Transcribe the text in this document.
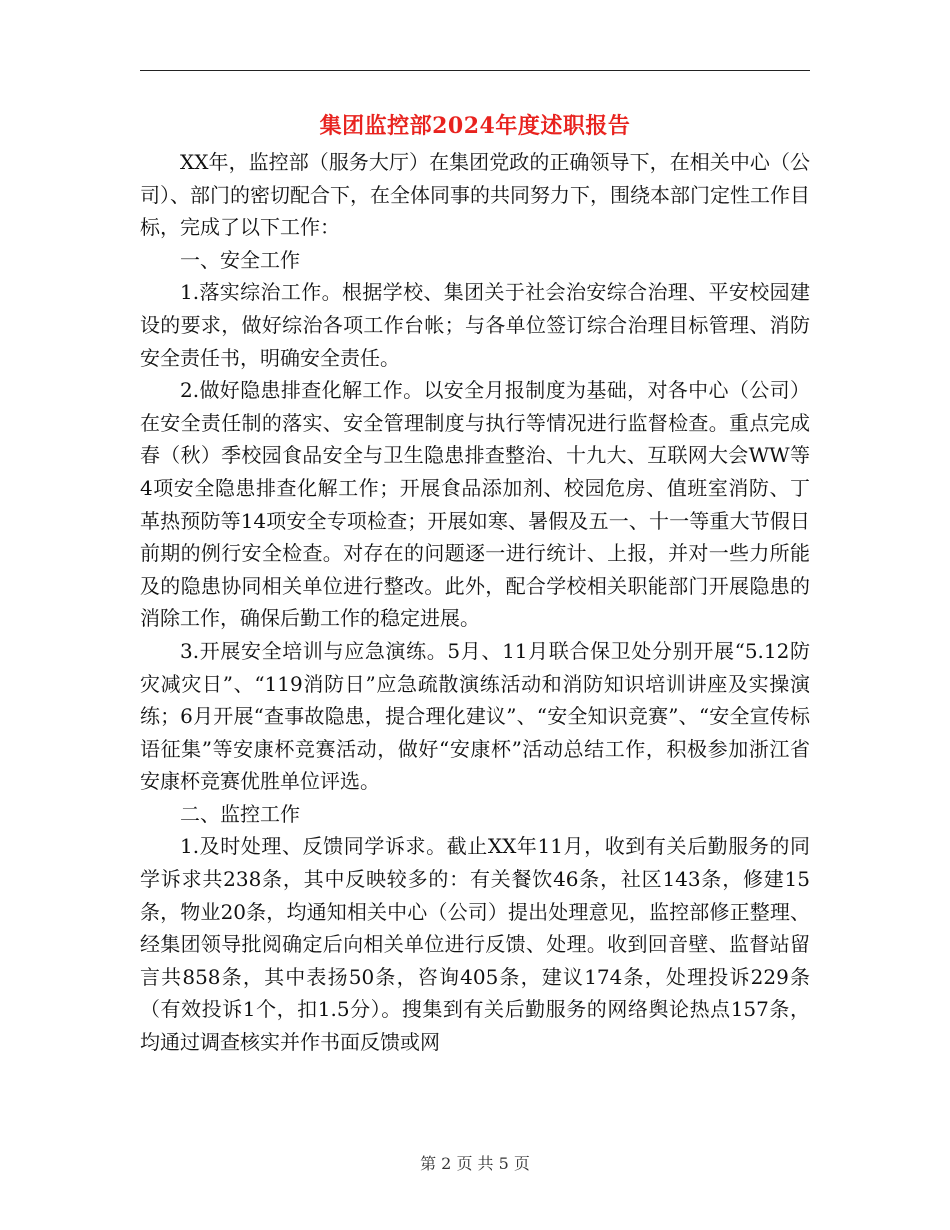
集团监控部2024年度述职报告

XX年，监控部（服务大厅）在集团党政的正确领导下，在相关中心（公司）、部门的密切配合下，在全体同事的共同努力下，围绕本部门定性工作目标，完成了以下工作：

一、安全工作

1.落实综治工作。根据学校、集团关于社会治安综合治理、平安校园建设的要求，做好综治各项工作台帐；与各单位签订综合治理目标管理、消防安全责任书，明确安全责任。

2.做好隐患排查化解工作。以安全月报制度为基础，对各中心（公司）在安全责任制的落实、安全管理制度与执行等情况进行监督检查。重点完成春（秋）季校园食品安全与卫生隐患排查整治、十九大、互联网大会WW等4项安全隐患排查化解工作；开展食品添加剂、校园危房、值班室消防、丁革热预防等14项安全专项检查；开展如寒、暑假及五一、十一等重大节假日前期的例行安全检查。对存在的问题逐一进行统计、上报，并对一些力所能及的隐患协同相关单位进行整改。此外，配合学校相关职能部门开展隐患的消除工作，确保后勤工作的稳定进展。

3.开展安全培训与应急演练。5月、11月联合保卫处分别开展“5.12防灾减灾日”、“119消防日”应急疏散演练活动和消防知识培训讲座及实操演练；6月开展“查事故隐患，提合理化建议”、“安全知识竞赛”、“安全宣传标语征集”等安康杯竞赛活动，做好“安康杯”活动总结工作，积极参加浙江省安康杯竞赛优胜单位评选。

二、监控工作

1.及时处理、反馈同学诉求。截止XX年11月，收到有关后勤服务的同学诉求共238条，其中反映较多的：有关餐饮46条，社区143条，修建15条，物业20条，均通知相关中心（公司）提出处理意见，监控部修正整理、经集团领导批阅确定后向相关单位进行反馈、处理。收到回音壁、监督站留言共858条，其中表扬50条，咨询405条，建议174条，处理投诉229条（有效投诉1个，扣1.5分）。搜集到有关后勤服务的网络舆论热点157条，均通过调查核实并作书面反馈或网

第 2 页 共 5 页
